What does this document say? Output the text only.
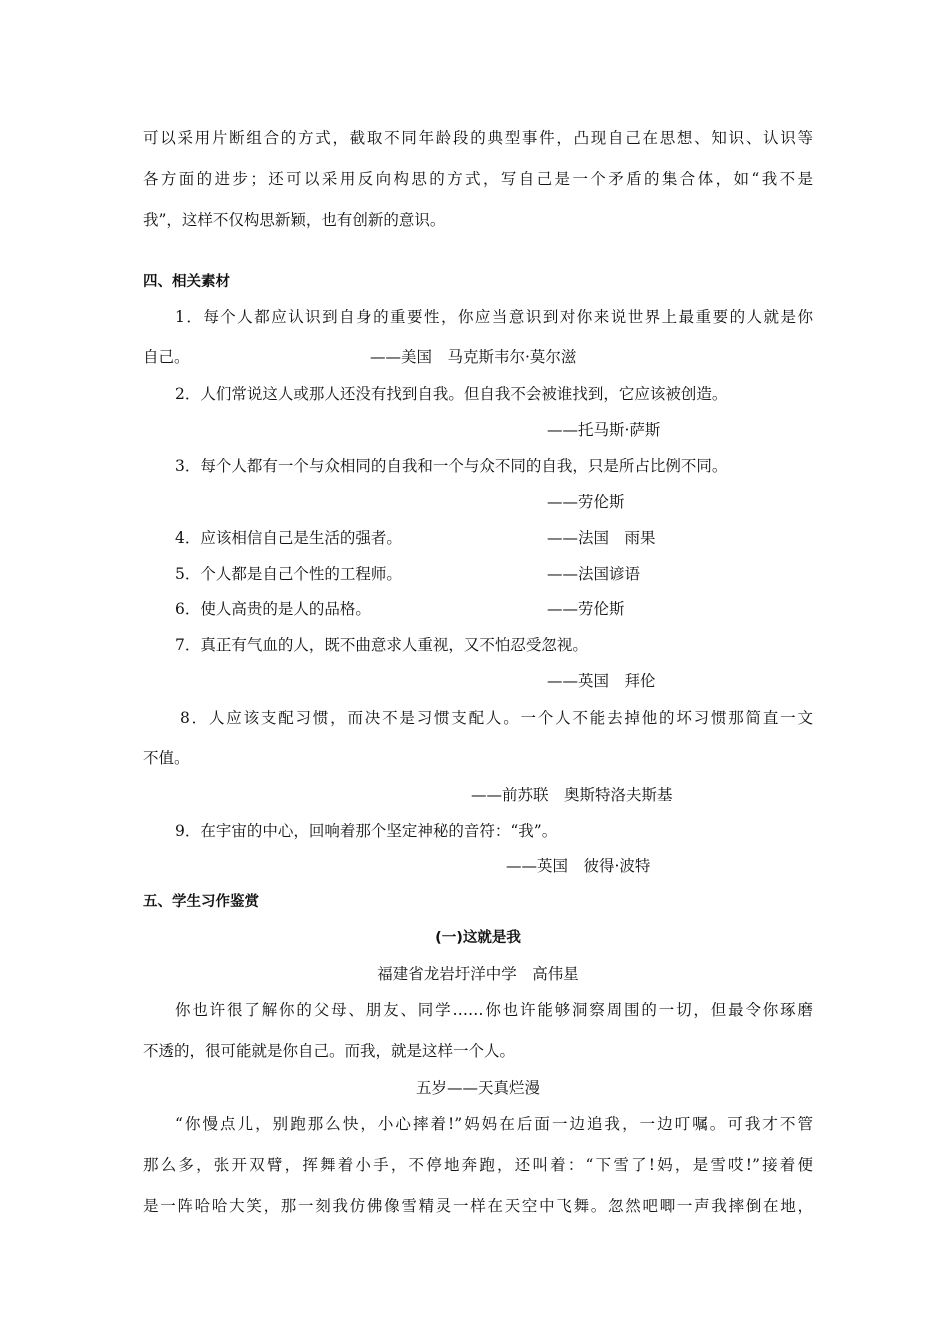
可以采用片断组合的方式，截取不同年龄段的典型事件，凸现自己在思想、知识、认识等
各方面的进步；还可以采用反向构思的方式，写自己是一个矛盾的集合体，如“我不是
我”，这样不仅构思新颖，也有创新的意识。
四、相关素材
1．每个人都应认识到自身的重要性，你应当意识到对你来说世界上最重要的人就是你
自己。	——美国　马克斯韦尔·莫尔滋
2．人们常说这人或那人还没有找到自我。但自我不会被谁找到，它应该被创造。
——托马斯·萨斯
3．每个人都有一个与众相同的自我和一个与众不同的自我，只是所占比例不同。
——劳伦斯
4．应该相信自己是生活的强者。	——法国　雨果
5．个人都是自己个性的工程师。	——法国谚语
6．使人高贵的是人的品格。	——劳伦斯
7．真正有气血的人，既不曲意求人重视，又不怕忍受忽视。
——英国　拜伦
8．人应该支配习惯，而决不是习惯支配人。一个人不能去掉他的坏习惯那简直一文
不值。
——前苏联　奥斯特洛夫斯基
9．在宇宙的中心，回响着那个坚定神秘的音符：“我”。
——英国　彼得·波特
五、学生习作鉴赏
(一)这就是我
福建省龙岩圩洋中学　高伟星
你也许很了解你的父母、朋友、同学……你也许能够洞察周围的一切，但最令你琢磨
不透的，很可能就是你自己。而我，就是这样一个人。
五岁——天真烂漫
“你慢点儿，别跑那么快，小心摔着!”妈妈在后面一边追我，一边叮嘱。可我才不管
那么多，张开双臂，挥舞着小手，不停地奔跑，还叫着：“下雪了!妈，是雪哎!”接着便
是一阵哈哈大笑，那一刻我仿佛像雪精灵一样在天空中飞舞。忽然吧唧一声我摔倒在地，
